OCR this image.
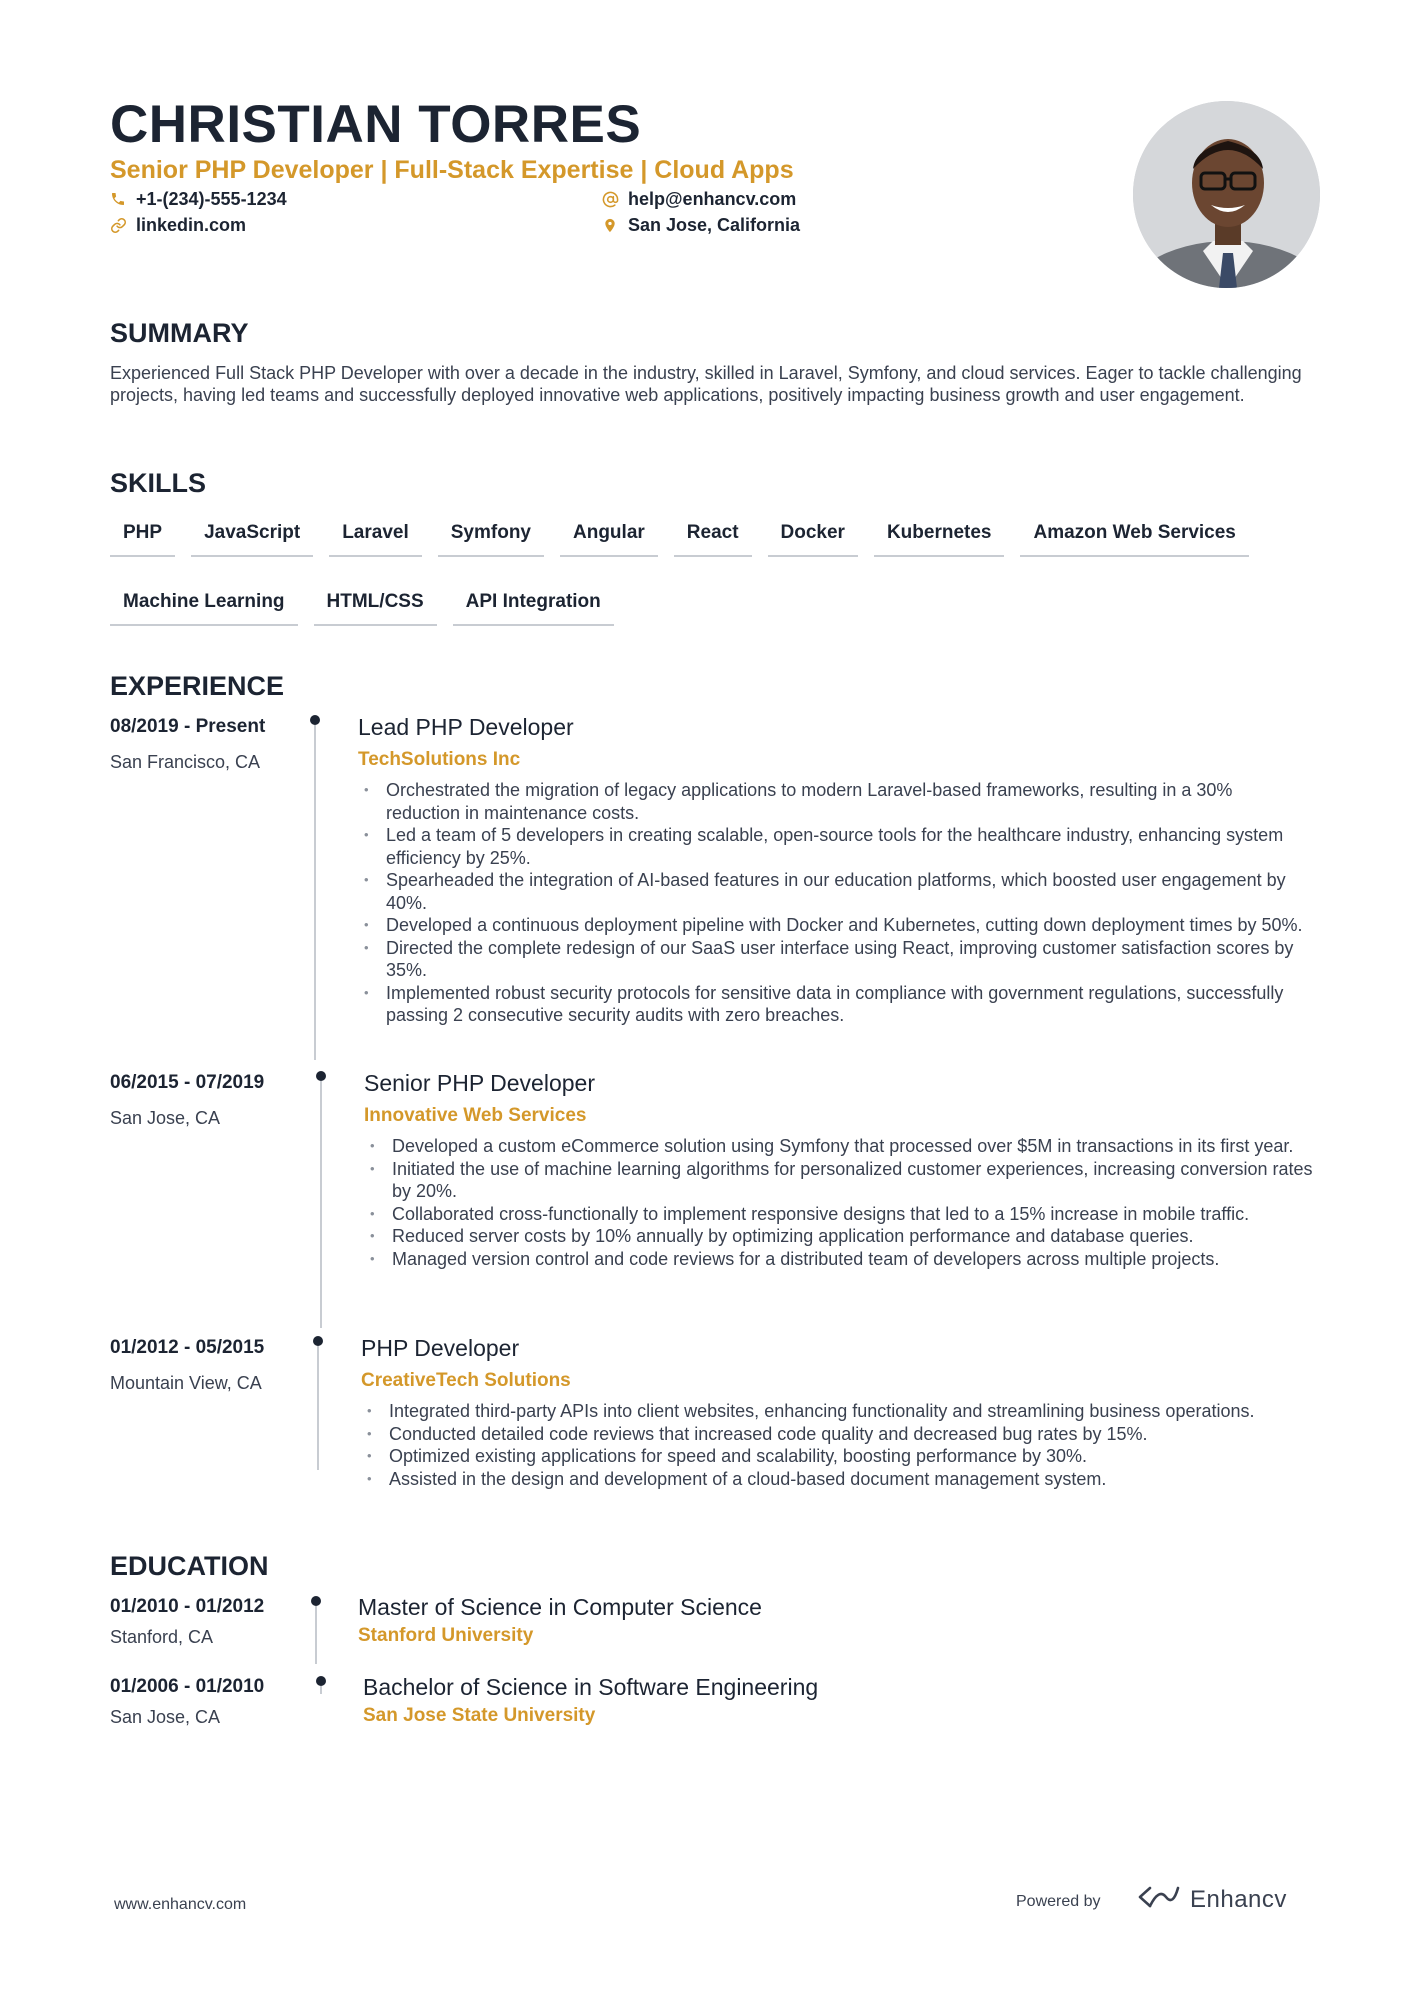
CHRISTIAN TORRES
Senior PHP Developer | Full-Stack Expertise | Cloud Apps
+1-(234)-555-1234	help@enhancv.com
linkedin.com	San Jose, California
SUMMARY

Experienced Full Stack PHP Developer with over a decade in the industry, skilled in Laravel, Symfony, and cloud services. Eager to tackle challenging projects, having led teams and successfully deployed innovative web applications, positively impacting business growth and user engagement.

SKILLS
PHP	JavaScript	Laravel	Symfony	Angular	React	Docker	Kubernetes	Amazon Web Services
Machine Learning	HTML/CSS	API Integration
EXPERIENCE
08/2019 - Present
San Francisco, CA
Lead PHP Developer
TechSolutions Inc
• Orchestrated the migration of legacy applications to modern Laravel-based frameworks, resulting in a 30% reduction in maintenance costs.
• Led a team of 5 developers in creating scalable, open-source tools for the healthcare industry, enhancing system efficiency by 25%.
• Spearheaded the integration of AI-based features in our education platforms, which boosted user engagement by 40%.
• Developed a continuous deployment pipeline with Docker and Kubernetes, cutting down deployment times by 50%.
• Directed the complete redesign of our SaaS user interface using React, improving customer satisfaction scores by 35%.
• Implemented robust security protocols for sensitive data in compliance with government regulations, successfully passing 2 consecutive security audits with zero breaches.
06/2015 - 07/2019
San Jose, CA
Senior PHP Developer
Innovative Web Services
• Developed a custom eCommerce solution using Symfony that processed over $5M in transactions in its first year.
• Initiated the use of machine learning algorithms for personalized customer experiences, increasing conversion rates by 20%.
• Collaborated cross-functionally to implement responsive designs that led to a 15% increase in mobile traffic.
• Reduced server costs by 10% annually by optimizing application performance and database queries.
• Managed version control and code reviews for a distributed team of developers across multiple projects.
01/2012 - 05/2015
Mountain View, CA
PHP Developer
CreativeTech Solutions
• Integrated third-party APIs into client websites, enhancing functionality and streamlining business operations.
• Conducted detailed code reviews that increased code quality and decreased bug rates by 15%.
• Optimized existing applications for speed and scalability, boosting performance by 30%.
• Assisted in the design and development of a cloud-based document management system.
EDUCATION
01/2010 - 01/2012
Stanford, CA
Master of Science in Computer Science
Stanford University
01/2006 - 01/2010
San Jose, CA
Bachelor of Science in Software Engineering
San Jose State University
www.enhancv.com	Powered by	Enhancv
